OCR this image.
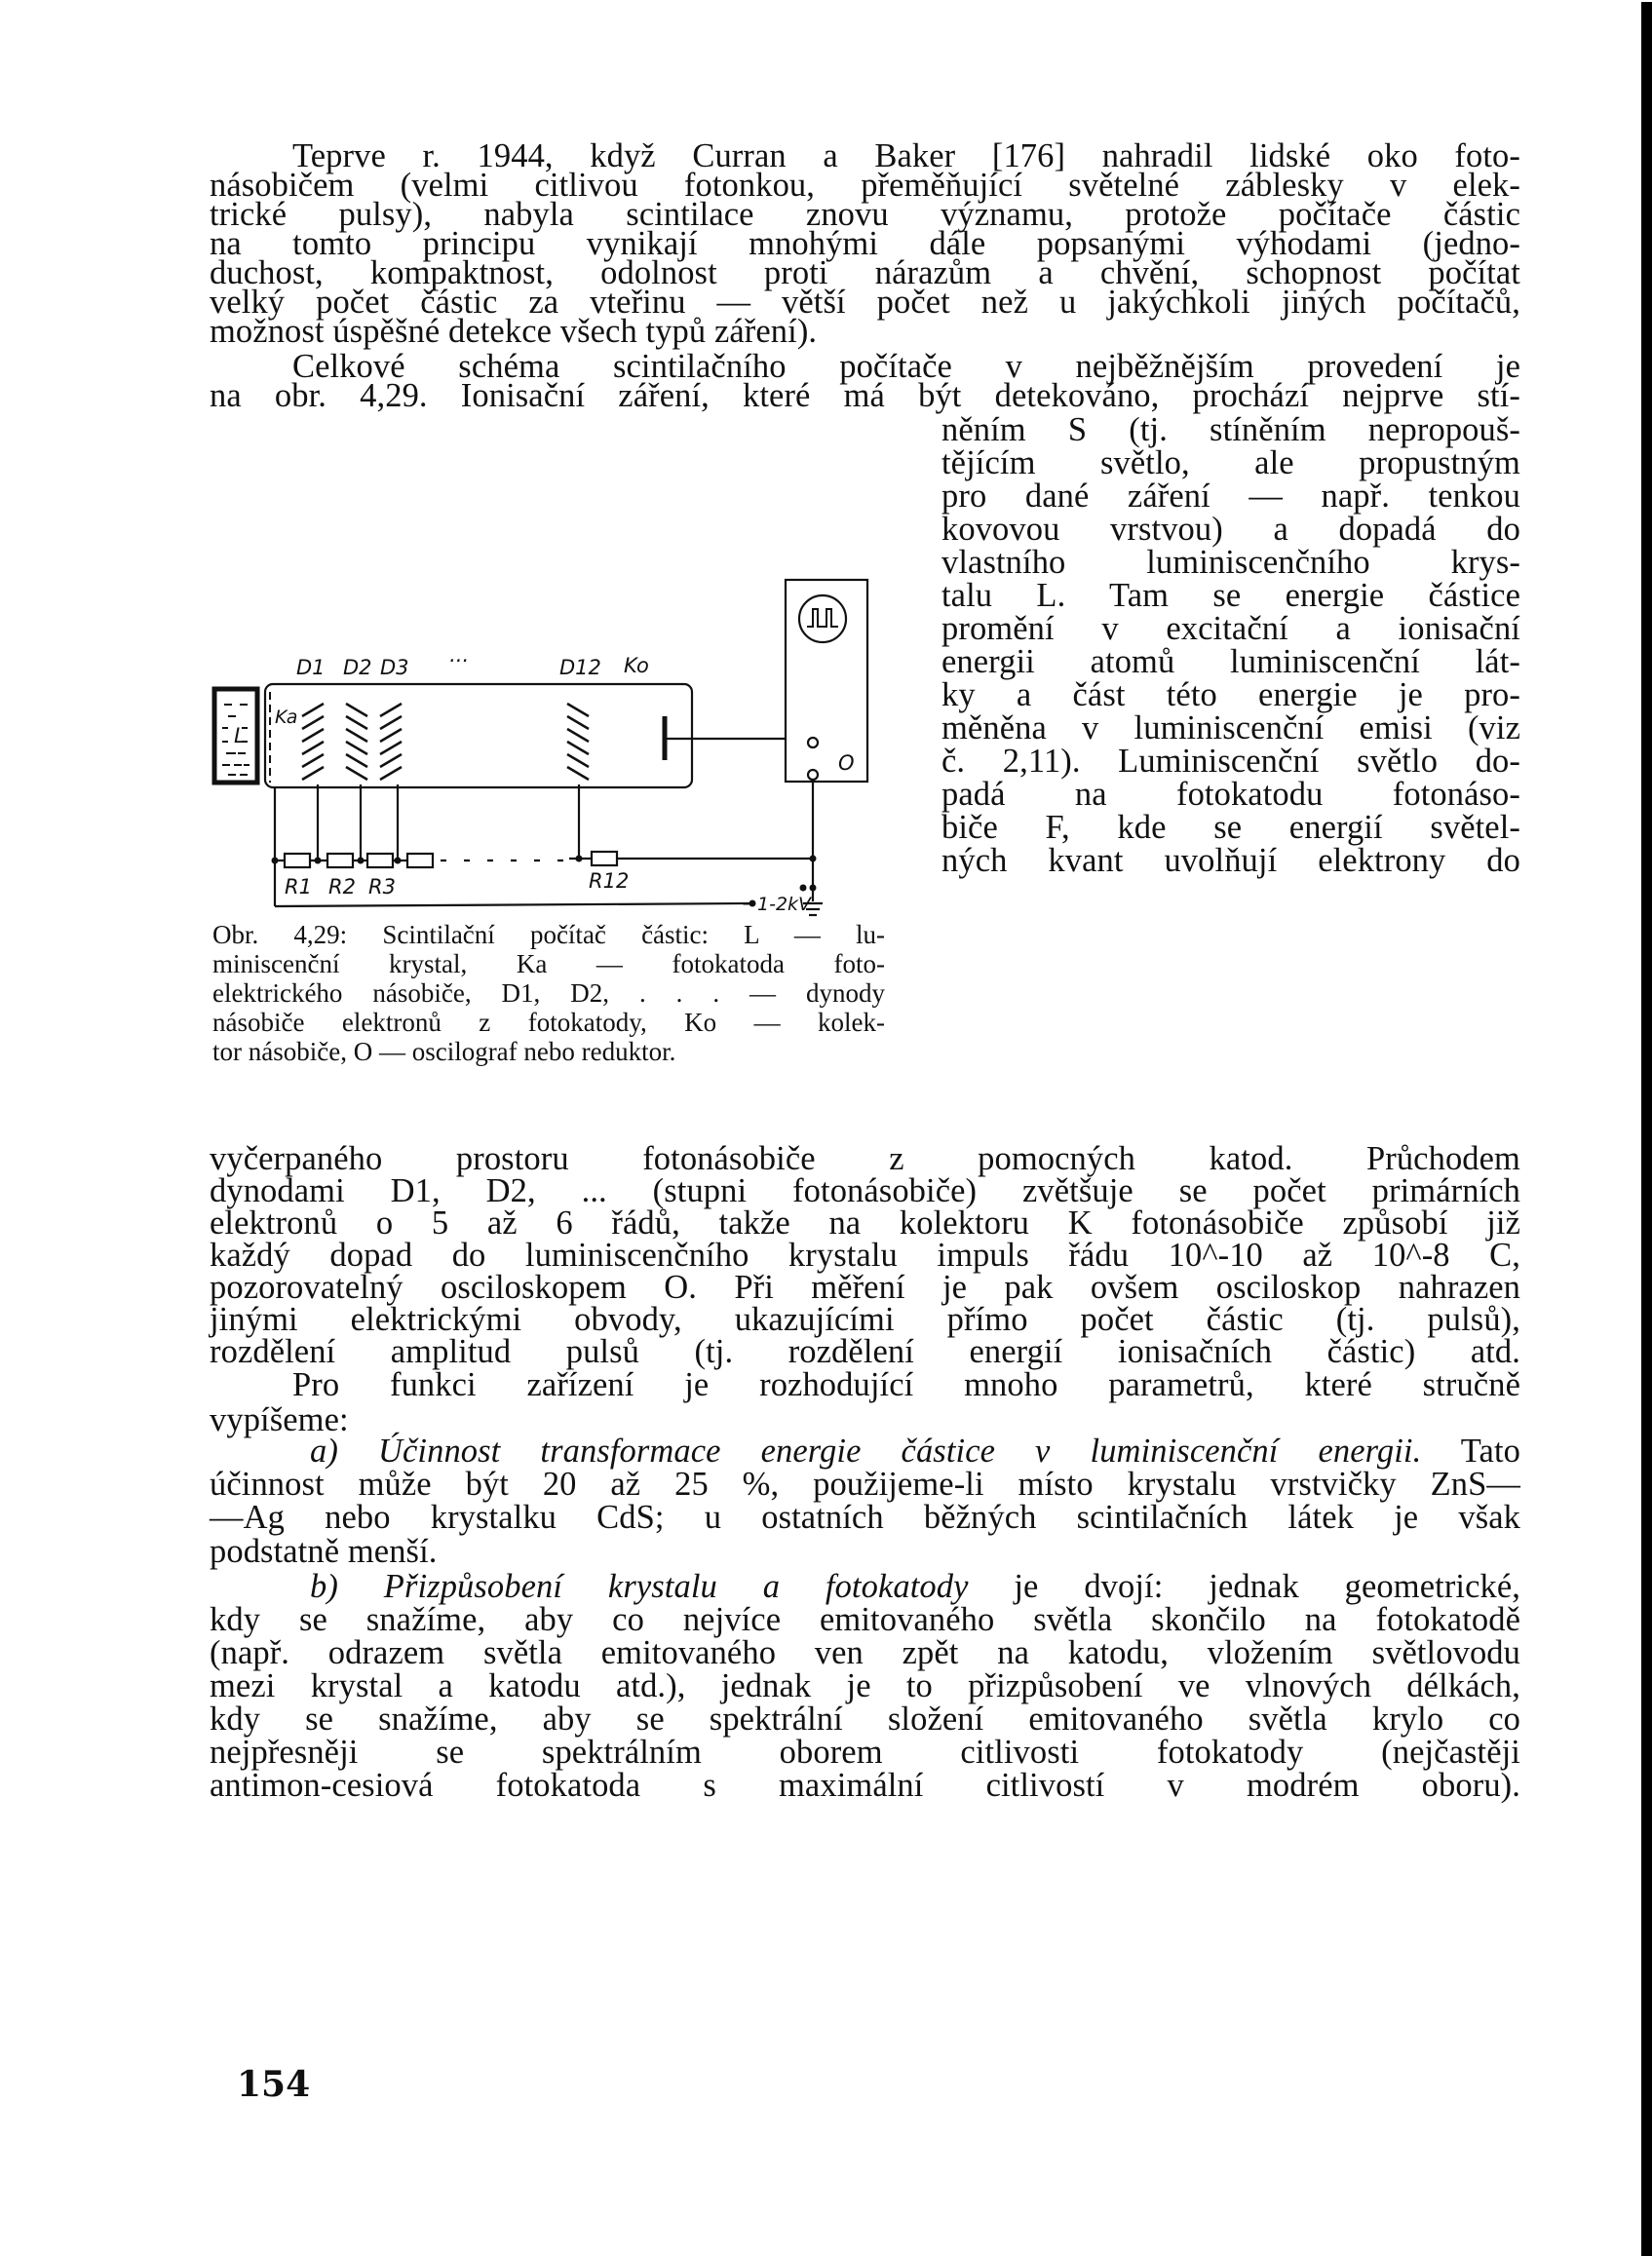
Teprve r. 1944, když Curran a Baker [176] nahradil lidské oko foto-
násobičem (velmi citlivou fotonkou, přeměňující světelné záblesky v elek-
trické pulsy), nabyla scintilace znovu významu, protože počítače částic
na tomto principu vynikají mnohými dále popsanými výhodami (jedno-
duchost, kompaktnost, odolnost proti nárazům a chvění, schopnost počítat
velký počet částic za vteřinu — větší počet než u jakýchkoli jiných počítačů,
možnost úspěšné detekce všech typů záření).
Celkové schéma scintilačního počítače v nejběžnějším provedení je
na obr. 4,29. Ionisační záření, které má být detekováno, prochází nejprve stí-
něním S (tj. stíněním nepropouš-
tějícím světlo, ale propustným
pro dané záření — např. tenkou
kovovou vrstvou) a dopadá do
vlastního luminiscenčního krys-
talu L. Tam se energie částice
promění v excitační a ionisační
energii atomů luminiscenční lát-
ky a část této energie je pro-
měněna v luminiscenční emisi (viz
č. 2,11). Luminiscenční světlo do-
padá na fotokatodu fotonáso-
biče F, kde se energií světel-
ných kvant uvolňují elektrony do
L
Ka
D1 D2 D3 ···	D12 Ko
O
R1 R2 R3	R12
1-2kV
Obr. 4,29: Scintilační počítač částic: L — lu-
miniscenční krystal, Ka — fotokatoda foto-
elektrického násobiče, D1, D2, . . . — dynody
násobiče elektronů z fotokatody, Ko — kolek-
tor násobiče, O — oscilograf nebo reduktor.
vyčerpaného prostoru fotonásobiče z pomocných katod. Průchodem
dynodami D1, D2, ... (stupni fotonásobiče) zvětšuje se počet primárních
elektronů o 5 až 6 řádů, takže na kolektoru K fotonásobiče způsobí již
každý dopad do luminiscenčního krystalu impuls řádu 10^-10 až 10^-8 C,
pozorovatelný osciloskopem O. Při měření je pak ovšem osciloskop nahrazen
jinými elektrickými obvody, ukazujícími přímo počet částic (tj. pulsů),
rozdělení amplitud pulsů (tj. rozdělení energií ionisačních částic) atd.
Pro funkci zařízení je rozhodující mnoho parametrů, které stručně
vypíšeme:
a) Účinnost transformace energie částice v luminiscenční energii. Tato
účinnost může být 20 až 25 %, použijeme-li místo krystalu vrstvičky ZnS—
—Ag nebo krystalku CdS; u ostatních běžných scintilačních látek je však
podstatně menší.
b) Přizpůsobení krystalu a fotokatody je dvojí: jednak geometrické,
kdy se snažíme, aby co nejvíce emitovaného světla skončilo na fotokatodě
(např. odrazem světla emitovaného ven zpět na katodu, vložením světlovodu
mezi krystal a katodu atd.), jednak je to přizpůsobení ve vlnových délkách,
kdy se snažíme, aby se spektrální složení emitovaného světla krylo co
nejpřesněji se spektrálním oborem citlivosti fotokatody (nejčastěji
antimon-cesiová fotokatoda s maximální citlivostí v modrém oboru).
154
